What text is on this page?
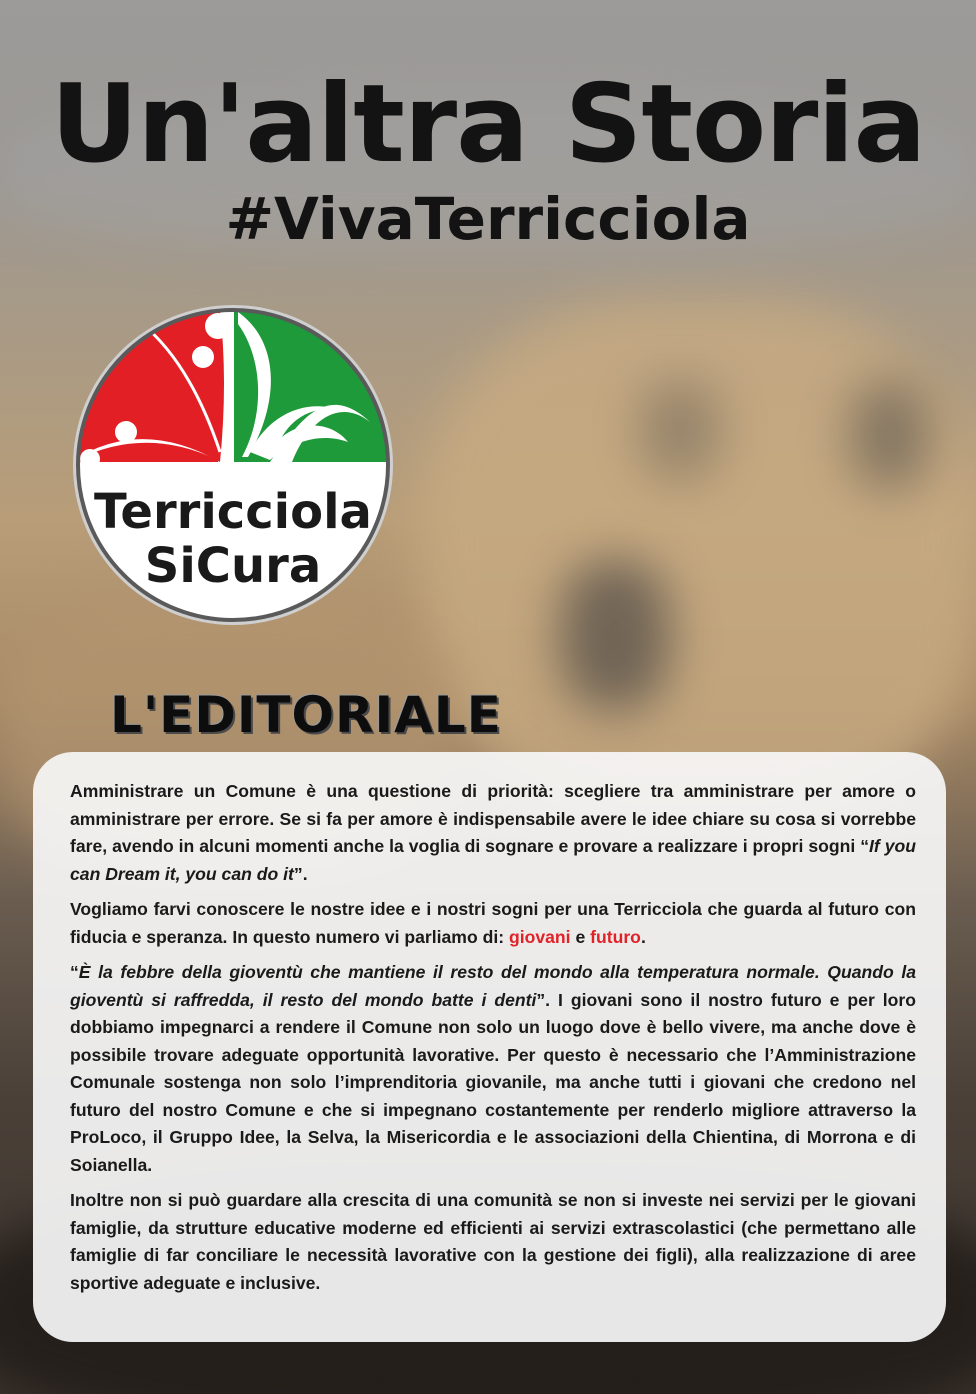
Un'altra Storia
#VivaTerricciola
Terricciola
SiCura
L'EDITORIALE

Amministrare un Comune è una questione di priorità: scegliere tra amministrare per amore o amministrare per errore. Se si fa per amore è indispensabile avere le idee chiare su cosa si vorrebbe fare, avendo in alcuni momenti anche la voglia di sognare e provare a realizzare i propri sogni “If you can Dream it, you can do it”.

Vogliamo farvi conoscere le nostre idee e i nostri sogni per una Terricciola che guarda al futuro con fiducia e speranza. In questo numero vi parliamo di: giovani e futuro.

“È la febbre della gioventù che mantiene il resto del mondo alla temperatura normale. Quando la gioventù si raffredda, il resto del mondo batte i denti”. I giovani sono il nostro futuro e per loro dobbiamo impegnarci a rendere il Comune non solo un luogo dove è bello vivere, ma anche dove è possibile trovare adeguate opportunità lavorative. Per questo è necessario che l’Amministrazione Comunale sostenga non solo l’imprenditoria giovanile, ma anche tutti i giovani che credono nel futuro del nostro Comune e che si impegnano costantemente per renderlo migliore attraverso la ProLoco, il Gruppo Idee, la Selva, la Misericordia e le associazioni della Chientina, di Morrona e di Soianella.

Inoltre non si può guardare alla crescita di una comunità se non si investe nei servizi per le giovani famiglie, da strutture educative moderne ed efficienti ai servizi extrascolastici (che permettano alle famiglie di far conciliare le necessità lavorative con la gestione dei figli), alla realizzazione di aree sportive adeguate e inclusive.
